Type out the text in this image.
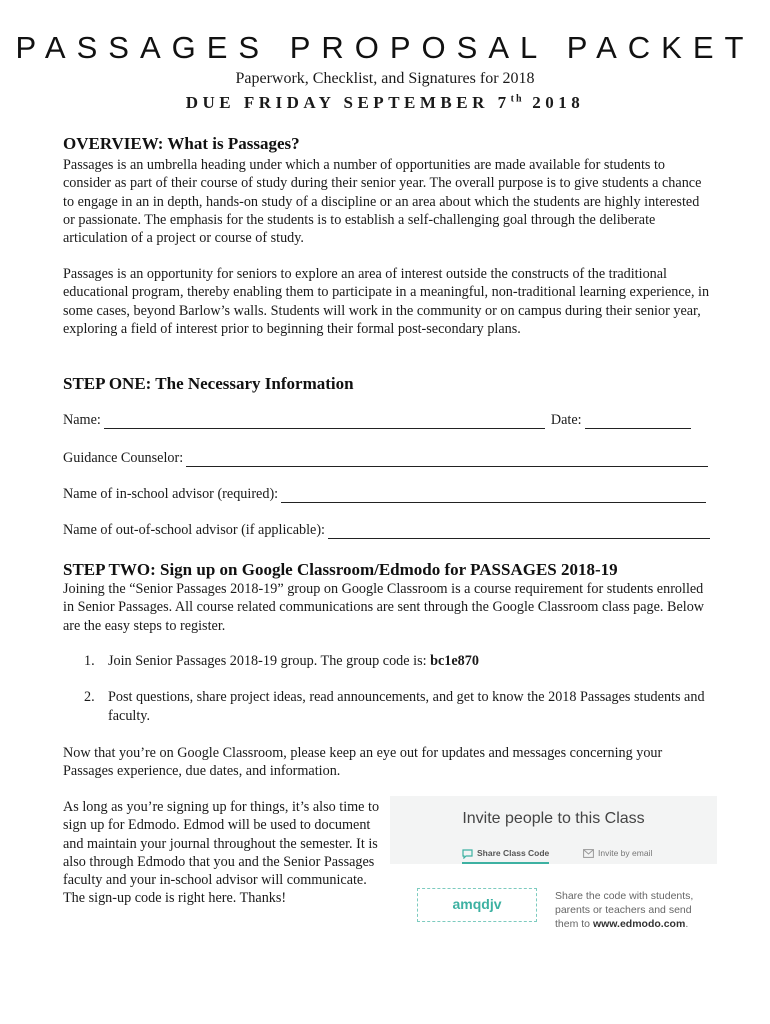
PASSAGES PROPOSAL PACKET

Paperwork, Checklist, and Signatures for 2018

DUE FRIDAY SEPTEMBER 7th 2018

OVERVIEW: What is Passages?

Passages is an umbrella heading under which a number of opportunities are made available for students to consider as part of their course of study during their senior year. The overall purpose is to give students a chance to engage in an in depth, hands-on study of a discipline or an area about which the students are highly interested or passionate. The emphasis for the students is to establish a self-challenging goal through the deliberate articulation of a project or course of study.

Passages is an opportunity for seniors to explore an area of interest outside the constructs of the traditional educational program, thereby enabling them to participate in a meaningful, non-traditional learning experience, in some cases, beyond Barlow’s walls. Students will work in the community or on campus during their senior year, exploring a field of interest prior to beginning their formal post-secondary plans.

STEP ONE: The Necessary Information
Name:	Date:
Guidance Counselor:
Name of in-school advisor (required):
Name of out-of-school advisor (if applicable):
STEP TWO: Sign up on Google Classroom/Edmodo for PASSAGES 2018-19

Joining the “Senior Passages 2018-19” group on Google Classroom is a course requirement for students enrolled in Senior Passages. All course related communications are sent through the Google Classroom class page. Below are the easy steps to register.

1. Join Senior Passages 2018-19 group. The group code is: bc1e870
2. Post questions, share project ideas, read announcements, and get to know the 2018 Passages students and faculty.

Now that you’re on Google Classroom, please keep an eye out for updates and messages concerning your Passages experience, due dates, and information.

As long as you’re signing up for things, it’s also time to sign up for Edmodo. Edmod will be used to document and maintain your journal throughout the semester. It is also through Edmodo that you and the Senior Passages faculty and your in-school advisor will communicate. The sign-up code is right here. Thanks!

Invite people to this Class
Share Class Code	Invite by email
amqdjv	Share the code with students, parents or teachers and send them to www.edmodo.com.
